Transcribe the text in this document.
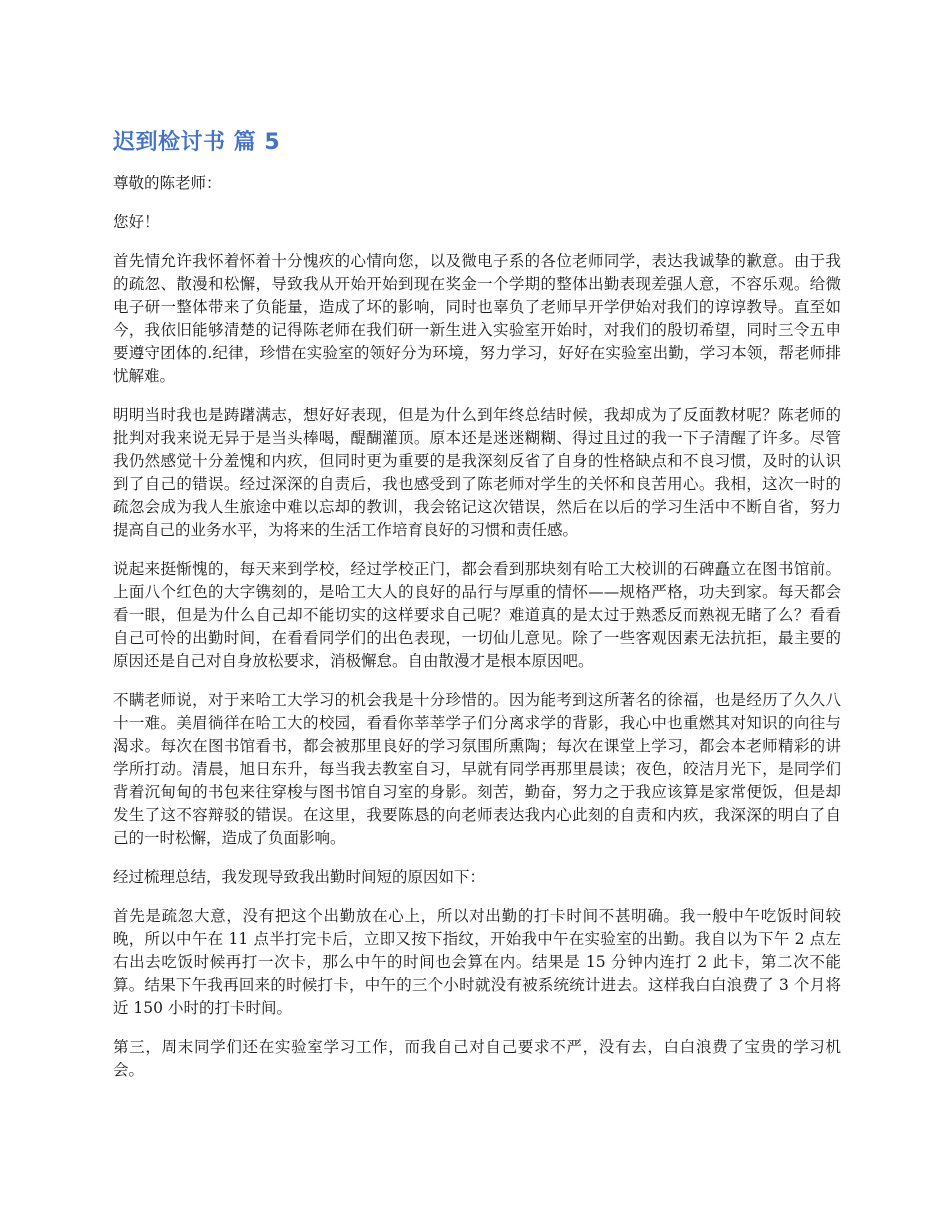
迟到检讨书 篇 5

尊敬的陈老师：

您好！

首先情允许我怀着怀着十分愧疚的心情向您，以及微电子系的各位老师同学，表达我诚挚的歉意。由于我的疏忽、散漫和松懈，导致我从开始开始到现在奖金一个学期的整体出勤表现差强人意，不容乐观。给微电子研一整体带来了负能量，造成了坏的影响，同时也辜负了老师早开学伊始对我们的谆谆教导。直至如今，我依旧能够清楚的记得陈老师在我们研一新生进入实验室开始时，对我们的殷切希望，同时三令五申要遵守团体的.纪律，珍惜在实验室的领好分为环境，努力学习，好好在实验室出勤，学习本领，帮老师排忧解难。

明明当时我也是踌躇满志，想好好表现，但是为什么到年终总结时候，我却成为了反面教材呢？陈老师的批判对我来说无异于是当头棒喝，醍醐灌顶。原本还是迷迷糊糊、得过且过的我一下子清醒了许多。尽管我仍然感觉十分羞愧和内疚，但同时更为重要的是我深刻反省了自身的性格缺点和不良习惯，及时的认识到了自己的错误。经过深深的自责后，我也感受到了陈老师对学生的关怀和良苦用心。我相，这次一时的疏忽会成为我人生旅途中难以忘却的教训，我会铭记这次错误，然后在以后的学习生活中不断自省，努力提高自己的业务水平，为将来的生活工作培育良好的习惯和责任感。

说起来挺惭愧的，每天来到学校，经过学校正门，都会看到那块刻有哈工大校训的石碑矗立在图书馆前。上面八个红色的大字镌刻的，是哈工大人的良好的品行与厚重的情怀——规格严格，功夫到家。每天都会看一眼，但是为什么自己却不能切实的这样要求自己呢？难道真的是太过于熟悉反而熟视无睹了么？看看自己可怜的出勤时间，在看看同学们的出色表现，一切仙儿意见。除了一些客观因素无法抗拒，最主要的原因还是自己对自身放松要求，消极懈怠。自由散漫才是根本原因吧。

不瞒老师说，对于来哈工大学习的机会我是十分珍惜的。因为能考到这所著名的徐福，也是经历了久久八十一难。美眉徜徉在哈工大的校园，看看你莘莘学子们分离求学的背影，我心中也重燃其对知识的向往与渴求。每次在图书馆看书，都会被那里良好的学习氛围所熏陶；每次在课堂上学习，都会本老师精彩的讲学所打动。清晨，旭日东升，每当我去教室自习，早就有同学再那里晨读；夜色，皎洁月光下，是同学们背着沉甸甸的书包来往穿梭与图书馆自习室的身影。刻苦，勤奋，努力之于我应该算是家常便饭，但是却发生了这不容辩驳的错误。在这里，我要陈恳的向老师表达我内心此刻的自责和内疚，我深深的明白了自己的一时松懈，造成了负面影响。

经过梳理总结，我发现导致我出勤时间短的原因如下：

首先是疏忽大意，没有把这个出勤放在心上，所以对出勤的打卡时间不甚明确。我一般中午吃饭时间较晚，所以中午在 11 点半打完卡后，立即又按下指纹，开始我中午在实验室的出勤。我自以为下午 2 点左右出去吃饭时候再打一次卡，那么中午的时间也会算在内。结果是 15 分钟内连打 2 此卡，第二次不能算。结果下午我再回来的时候打卡，中午的三个小时就没有被系统统计进去。这样我白白浪费了 3 个月将近 150 小时的打卡时间。

第三，周末同学们还在实验室学习工作，而我自己对自己要求不严，没有去，白白浪费了宝贵的学习机会。
